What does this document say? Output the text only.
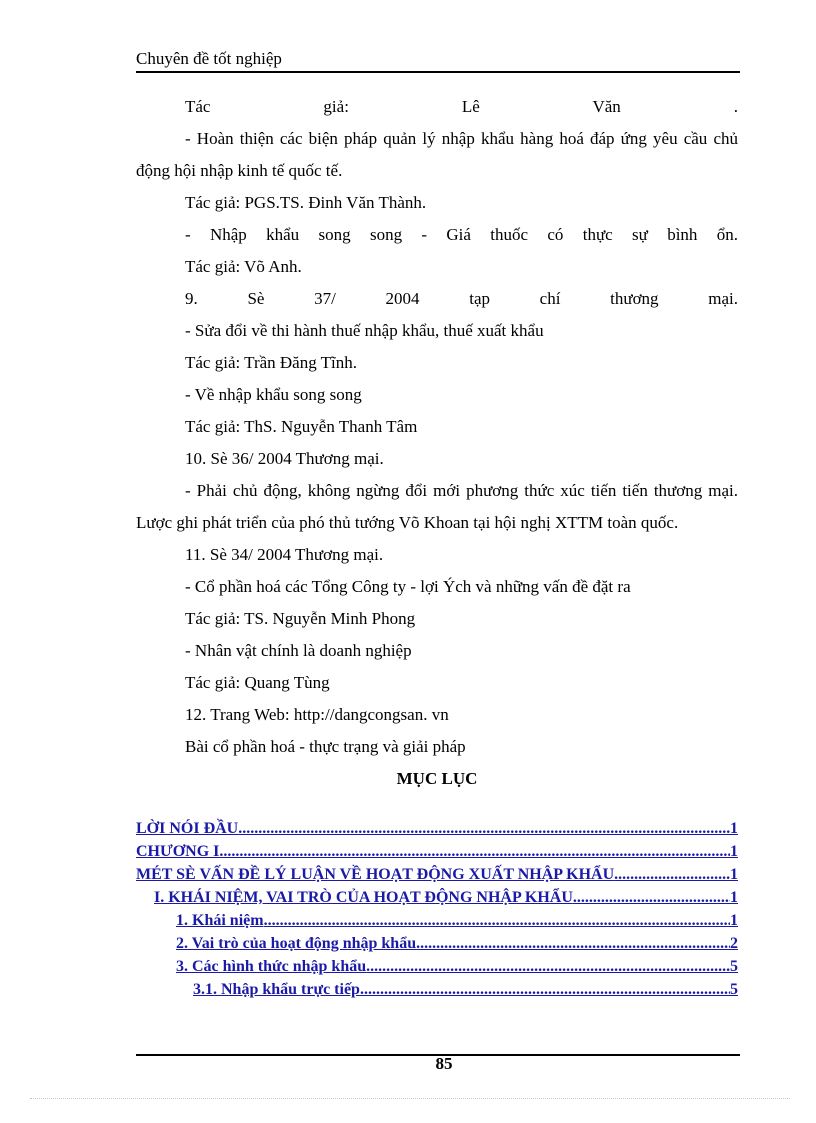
Chuyên đề tốt nghiệp

Tác giả: Lê Văn .

- Hoàn thiện các biện pháp quản lý nhập khẩu hàng hoá đáp ứng yêu cầu chủ động hội nhập kinh tế quốc tế.

Tác giả: PGS.TS. Đinh Văn Thành.

- Nhập khẩu song song - Giá thuốc có thực sự bình ổn.

Tác giả: Võ Anh.

9. Sè 37/ 2004 tạp chí thương mại.

- Sửa đổi về thi hành thuế nhập khẩu, thuế xuất khẩu

Tác giả: Trần Đăng Tĩnh.

- Về nhập khẩu song song

Tác giả: ThS. Nguyễn Thanh Tâm

10. Sè 36/ 2004 Thương mại.

- Phải chủ động, không ngừng đổi mới phương thức xúc tiến tiến thương mại. Lược ghi phát triển của phó thủ tướng Võ Khoan tại hội nghị XTTM toàn quốc.

11. Sè 34/ 2004 Thương mại.

- Cổ phần hoá các Tổng Công ty - lợi Ých và những vấn đề đặt ra

Tác giả: TS. Nguyễn Minh Phong

- Nhân vật chính là doanh nghiệp

Tác giả: Quang Tùng

12. Trang Web: http://dangcongsan. vn

Bài cổ phần hoá - thực trạng và giải pháp

MỤC LỤC
LỜI NÓI ĐẦU .....	1
CHƯƠNG I .....	1
MÉT SÈ VẤN ĐỀ LÝ LUẬN VỀ HOẠT ĐỘNG XUẤT NHẬP KHẨU .....	1
I. KHÁI NIỆM, VAI TRÒ CỦA HOẠT ĐỘNG NHẬP KHẨU .....	1
1. Khái niệm .....	1
2. Vai trò của hoạt động nhập khẩu .....	2
3. Các hình thức nhập khẩu .....	5
3.1. Nhập khẩu trực tiếp .....	5
85
